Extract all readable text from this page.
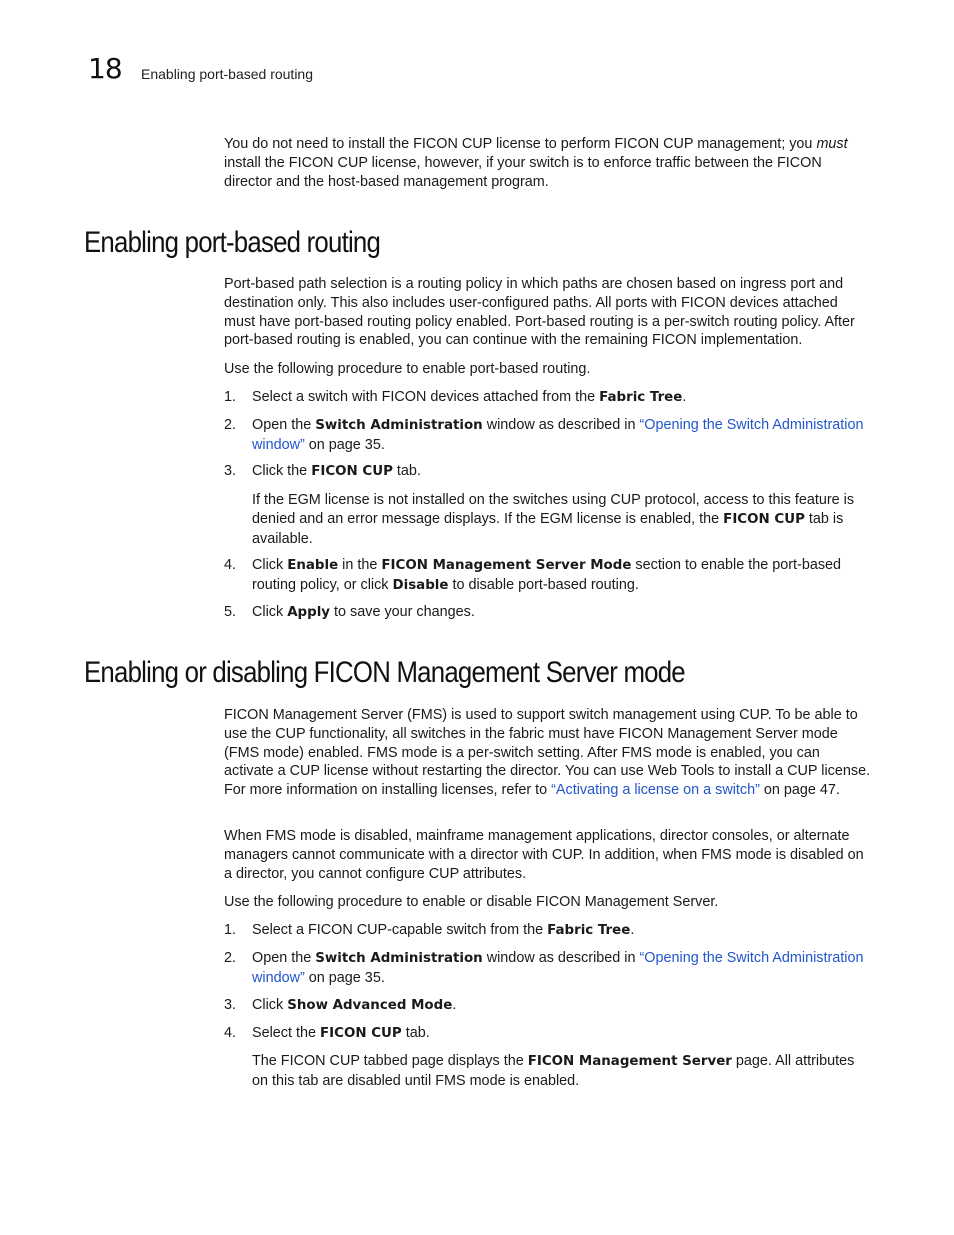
18 Enabling port-based routing

You do not need to install the FICON CUP license to perform FICON CUP management; you must install the FICON CUP license, however, if your switch is to enforce traffic between the FICON director and the host-based management program.

Enabling port-based routing

Port-based path selection is a routing policy in which paths are chosen based on ingress port and destination only. This also includes user-configured paths. All ports with FICON devices attached must have port-based routing policy enabled. Port-based routing is a per-switch routing policy. After port-based routing is enabled, you can continue with the remaining FICON implementation.

Use the following procedure to enable port-based routing.

1. Select a switch with FICON devices attached from the Fabric Tree.

2. Open the Switch Administration window as described in “Opening the Switch Administration window” on page 35.

3. Click the FICON CUP tab.

If the EGM license is not installed on the switches using CUP protocol, access to this feature is denied and an error message displays. If the EGM license is enabled, the FICON CUP tab is available.

4. Click Enable in the FICON Management Server Mode section to enable the port-based routing policy, or click Disable to disable port-based routing.

5. Click Apply to save your changes.

Enabling or disabling FICON Management Server mode

FICON Management Server (FMS) is used to support switch management using CUP. To be able to use the CUP functionality, all switches in the fabric must have FICON Management Server mode (FMS mode) enabled. FMS mode is a per-switch setting. After FMS mode is enabled, you can activate a CUP license without restarting the director. You can use Web Tools to install a CUP license. For more information on installing licenses, refer to “Activating a license on a switch” on page 47.

When FMS mode is disabled, mainframe management applications, director consoles, or alternate managers cannot communicate with a director with CUP. In addition, when FMS mode is disabled on a director, you cannot configure CUP attributes.

Use the following procedure to enable or disable FICON Management Server.

1. Select a FICON CUP-capable switch from the Fabric Tree.

2. Open the Switch Administration window as described in “Opening the Switch Administration window” on page 35.

3. Click Show Advanced Mode.

4. Select the FICON CUP tab.

The FICON CUP tabbed page displays the FICON Management Server page. All attributes on this tab are disabled until FMS mode is enabled.
